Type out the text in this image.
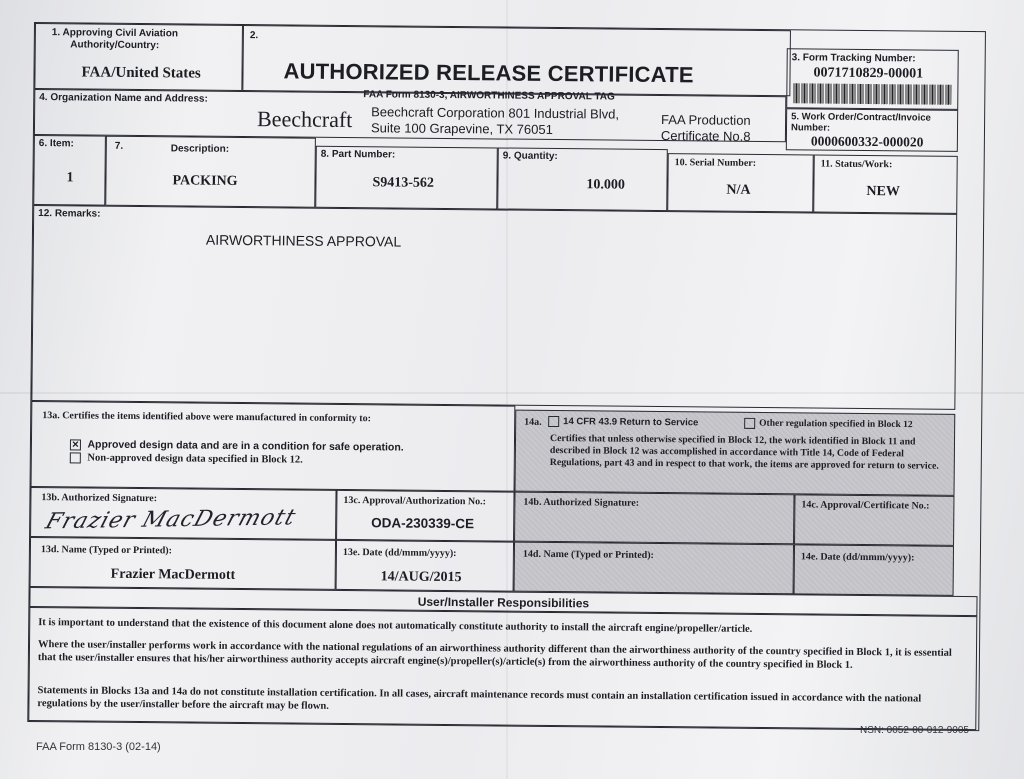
1. Approving Civil Aviation
Authority/Country:
FAA/United States
2.
AUTHORIZED RELEASE CERTIFICATE
FAA Form 8130-3, AIRWORTHINESS APPROVAL TAG
3. Form Tracking Number:
0071710829-00001
4. Organization Name and Address:
Beechcraft Beechcraft Corporation 801 Industrial Blvd,
Suite 100 Grapevine, TX 76051
FAA Production
Certificate No.8
5. Work Order/Contract/Invoice
Number:
0000600332-000020
6. Item:
1
7.	Description:
PACKING
8. Part Number:
S9413-562
9. Quantity:
10.000
10. Serial Number:
N/A
11. Status/Work:
NEW
12. Remarks:
AIRWORTHINESS APPROVAL
13a. Certifies the items identified above were manufactured in conformity to:
✕ Approved design data and are in a condition for safe operation.
Non-approved design data specified in Block 12.
14a.	14 CFR 43.9 Return to Service	Other regulation specified in Block 12
Certifies that unless otherwise specified in Block 12, the work identified in Block 11 and described in Block 12 was accomplished in accordance with Title 14, Code of Federal Regulations, part 43 and in respect to that work, the items are approved for return to service.
13b. Authorized Signature:
Frazier MacDermott
13c. Approval/Authorization No.:
ODA-230339-CE
14b. Authorized Signature:	14c. Approval/Certificate No.:
13d. Name (Typed or Printed):
Frazier MacDermott
13e. Date (dd/mmm/yyyy):
14/AUG/2015
14d. Name (Typed or Printed):	14e. Date (dd/mmm/yyyy):
User/Installer Responsibilities
It is important to understand that the existence of this document alone does not automatically constitute authority to install the aircraft engine/propeller/article.
Where the user/installer performs work in accordance with the national regulations of an airworthiness authority different than the airworthiness authority of the country specified in Block 1, it is essential that the user/installer ensures that his/her airworthiness authority accepts aircraft engine(s)/propeller(s)/article(s) from the airworthiness authority of the country specified in Block 1.
Statements in Blocks 13a and 14a do not constitute installation certification. In all cases, aircraft maintenance records must contain an installation certification issued in accordance with the national regulations by the user/installer before the aircraft may be flown.
FAA Form 8130-3 (02-14)
NSN: 0052-00-012-9005
